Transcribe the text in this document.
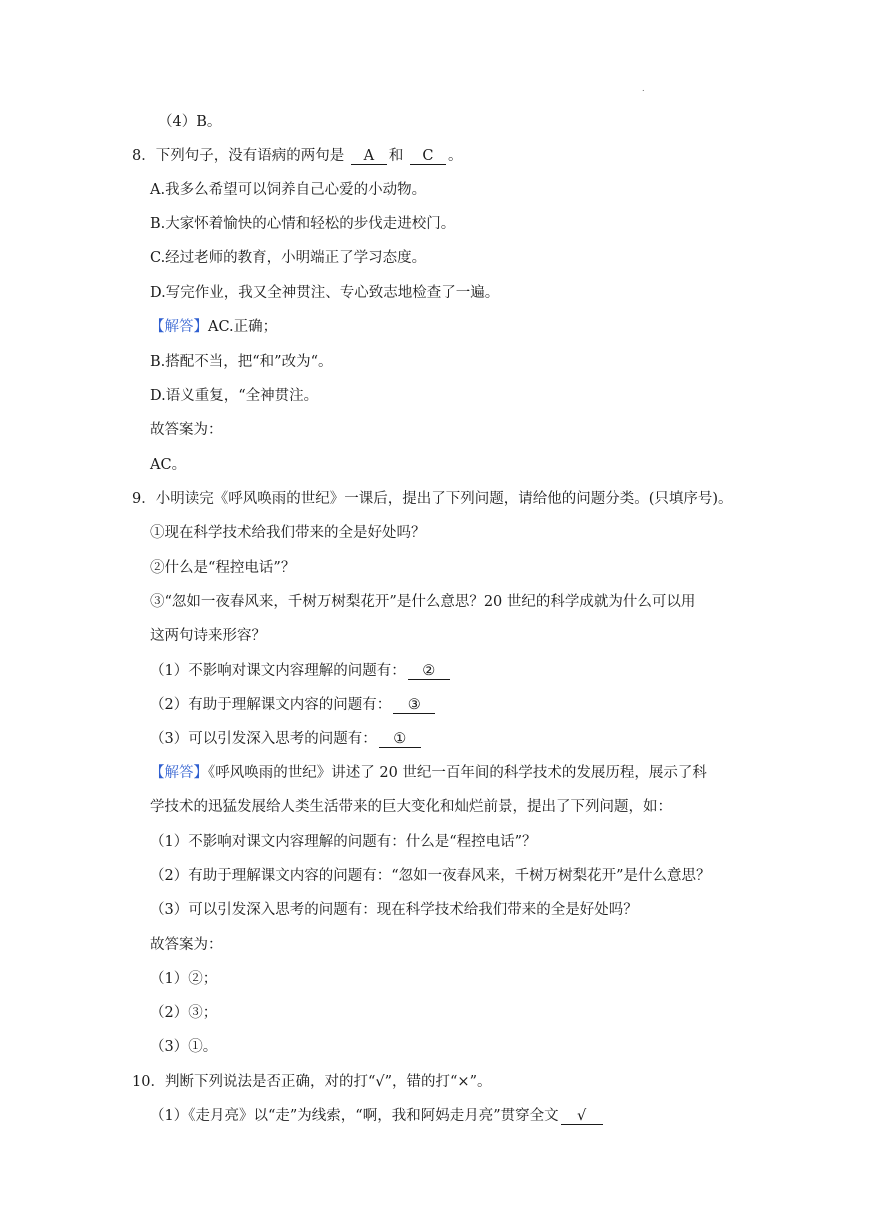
.
（4）B。
8．下列句子，没有语病的两句是 A 和 C 。
A.我多么希望可以饲养自己心爱的小动物。
B.大家怀着愉快的心情和轻松的步伐走进校门。
C.经过老师的教育，小明端正了学习态度。
D.写完作业，我又全神贯注、专心致志地检查了一遍。
【解答】AC.正确；
B.搭配不当，把“和”改为“。
D.语义重复，“全神贯注。
故答案为：
AC。
9．小明读完《呼风唤雨的世纪》一课后，提出了下列问题，请给他的问题分类。(只填序号)。
①现在科学技术给我们带来的全是好处吗？
②什么是“程控电话”？
③“忽如一夜春风来，千树万树梨花开”是什么意思？20 世纪的科学成就为什么可以用
这两句诗来形容？
（1）不影响对课文内容理解的问题有： ②
（2）有助于理解课文内容的问题有： ③
（3）可以引发深入思考的问题有： ①
【解答】《呼风唤雨的世纪》讲述了 20 世纪一百年间的科学技术的发展历程，展示了科
学技术的迅猛发展给人类生活带来的巨大变化和灿烂前景，提出了下列问题，如：
（1）不影响对课文内容理解的问题有：什么是“程控电话”？
（2）有助于理解课文内容的问题有：“忽如一夜春风来，千树万树梨花开”是什么意思？
（3）可以引发深入思考的问题有：现在科学技术给我们带来的全是好处吗？
故答案为：
（1）②；
（2）③；
（3）①。
10．判断下列说法是否正确，对的打“√”，错的打“×”。
（1）《走月亮》以“走”为线索，“啊，我和阿妈走月亮”贯穿全文 √
